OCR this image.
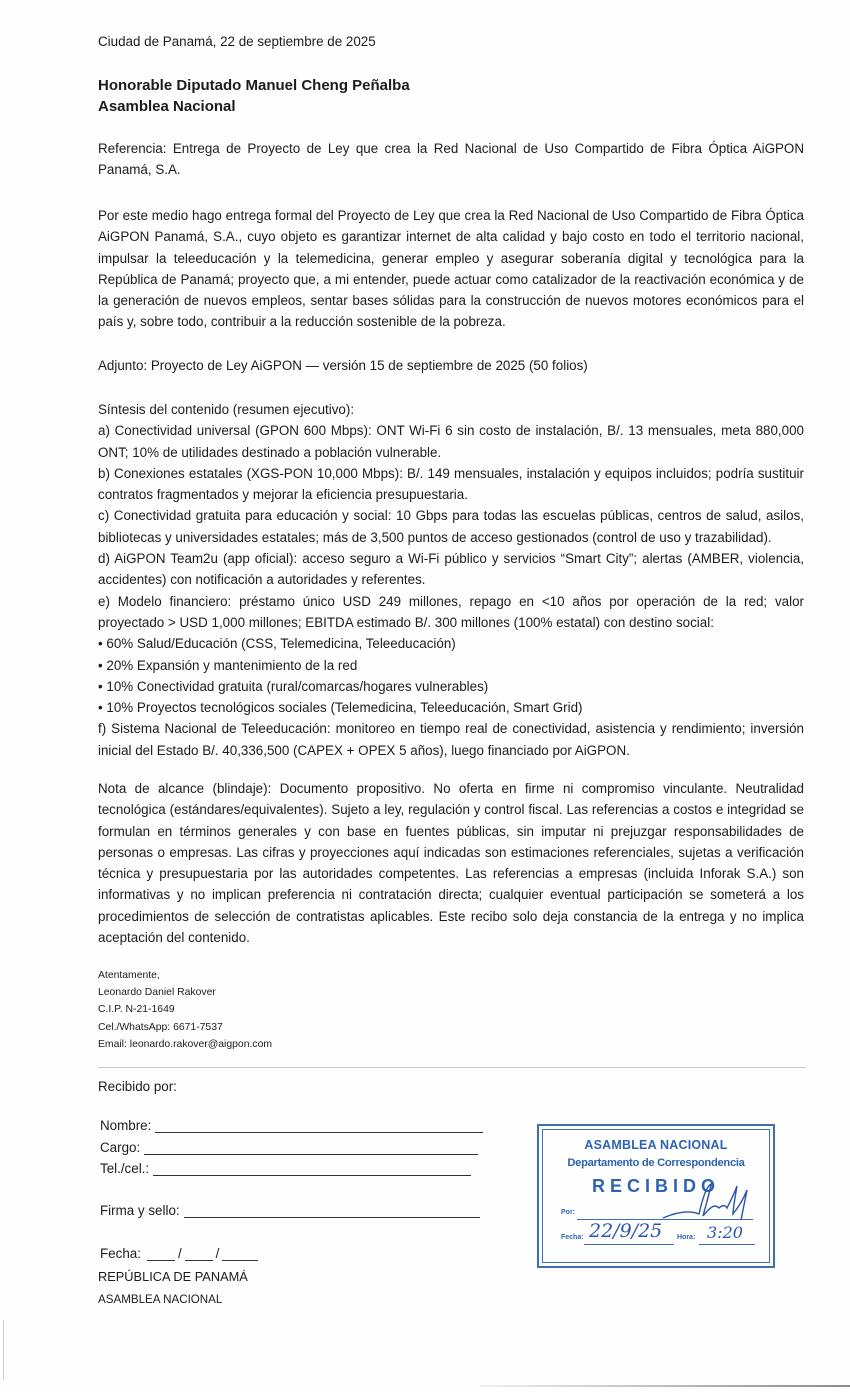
Ciudad de Panamá, 22 de septiembre de 2025
Honorable Diputado Manuel Cheng Peñalba
Asamblea Nacional
Referencia: Entrega de Proyecto de Ley que crea la Red Nacional de Uso Compartido de Fibra Óptica AiGPON Panamá, S.A.
Por este medio hago entrega formal del Proyecto de Ley que crea la Red Nacional de Uso Compartido de Fibra Óptica AiGPON Panamá, S.A., cuyo objeto es garantizar internet de alta calidad y bajo costo en todo el territorio nacional, impulsar la teleeducación y la telemedicina, generar empleo y asegurar soberanía digital y tecnológica para la República de Panamá; proyecto que, a mi entender, puede actuar como catalizador de la reactivación económica y de la generación de nuevos empleos, sentar bases sólidas para la construcción de nuevos motores económicos para el país y, sobre todo, contribuir a la reducción sostenible de la pobreza.
Adjunto: Proyecto de Ley AiGPON — versión 15 de septiembre de 2025 (50 folios)

Síntesis del contenido (resumen ejecutivo):

a) Conectividad universal (GPON 600 Mbps): ONT Wi-Fi 6 sin costo de instalación, B/. 13 mensuales, meta 880,000 ONT; 10% de utilidades destinado a población vulnerable.

b) Conexiones estatales (XGS-PON 10,000 Mbps): B/. 149 mensuales, instalación y equipos incluidos; podría sustituir contratos fragmentados y mejorar la eficiencia presupuestaria.

c) Conectividad gratuita para educación y social: 10 Gbps para todas las escuelas públicas, centros de salud, asilos, bibliotecas y universidades estatales; más de 3,500 puntos de acceso gestionados (control de uso y trazabilidad).

d) AiGPON Team2u (app oficial): acceso seguro a Wi-Fi público y servicios “Smart City”; alertas (AMBER, violencia, accidentes) con notificación a autoridades y referentes.

e) Modelo financiero: préstamo único USD 249 millones, repago en <10 años por operación de la red; valor proyectado > USD 1,000 millones; EBITDA estimado B/. 300 millones (100% estatal) con destino social:

• 60% Salud/Educación (CSS, Telemedicina, Teleeducación)

• 20% Expansión y mantenimiento de la red

• 10% Conectividad gratuita (rural/comarcas/hogares vulnerables)

• 10% Proyectos tecnológicos sociales (Telemedicina, Teleeducación, Smart Grid)

f) Sistema Nacional de Teleeducación: monitoreo en tiempo real de conectividad, asistencia y rendimiento; inversión inicial del Estado B/. 40,336,500 (CAPEX + OPEX 5 años), luego financiado por AiGPON.

Nota de alcance (blindaje): Documento propositivo. No oferta en firme ni compromiso vinculante. Neutralidad tecnológica (estándares/equivalentes). Sujeto a ley, regulación y control fiscal. Las referencias a costos e integridad se formulan en términos generales y con base en fuentes públicas, sin imputar ni prejuzgar responsabilidades de personas o empresas. Las cifras y proyecciones aquí indicadas son estimaciones referenciales, sujetas a verificación técnica y presupuestaria por las autoridades competentes. Las referencias a empresas (incluida Inforak S.A.) son informativas y no implican preferencia ni contratación directa; cualquier eventual participación se someterá a los procedimientos de selección de contratistas aplicables. Este recibo solo deja constancia de la entrega y no implica aceptación del contenido.

Atentamente,

Leonardo Daniel Rakover

C.I.P. N-21-1649

Cel./WhatsApp: 6671-7537

Email: leonardo.rakover@aigpon.com

Recibido por:
Nombre:
Cargo:
Tel./cel.:
Firma y sello:
Fecha:	/	/
REPÚBLICA DE PANAMÁ
ASAMBLEA NACIONAL
ASAMBLEA NACIONAL
Departamento de Correspondencia
RECIBIDO
Por:
Fecha: 22/9/25 Hora: 3:20
